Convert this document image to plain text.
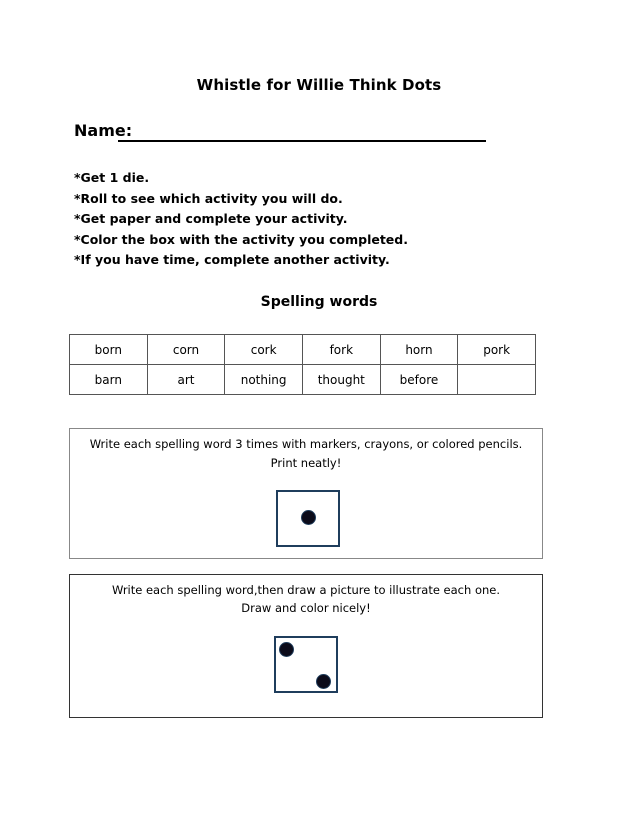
Whistle for Willie Think Dots
Name:
*Get 1 die.
*Roll to see which activity you will do.
*Get paper and complete your activity.
*Color the box with the activity you completed.
*If you have time, complete another activity.
Spelling words
born	corn	cork	fork	horn	pork
barn	art	nothing	thought	before	
Write each spelling word 3 times with markers, crayons, or colored pencils.
Print neatly!
Write each spelling word,then draw a picture to illustrate each one.
Draw and color nicely!
